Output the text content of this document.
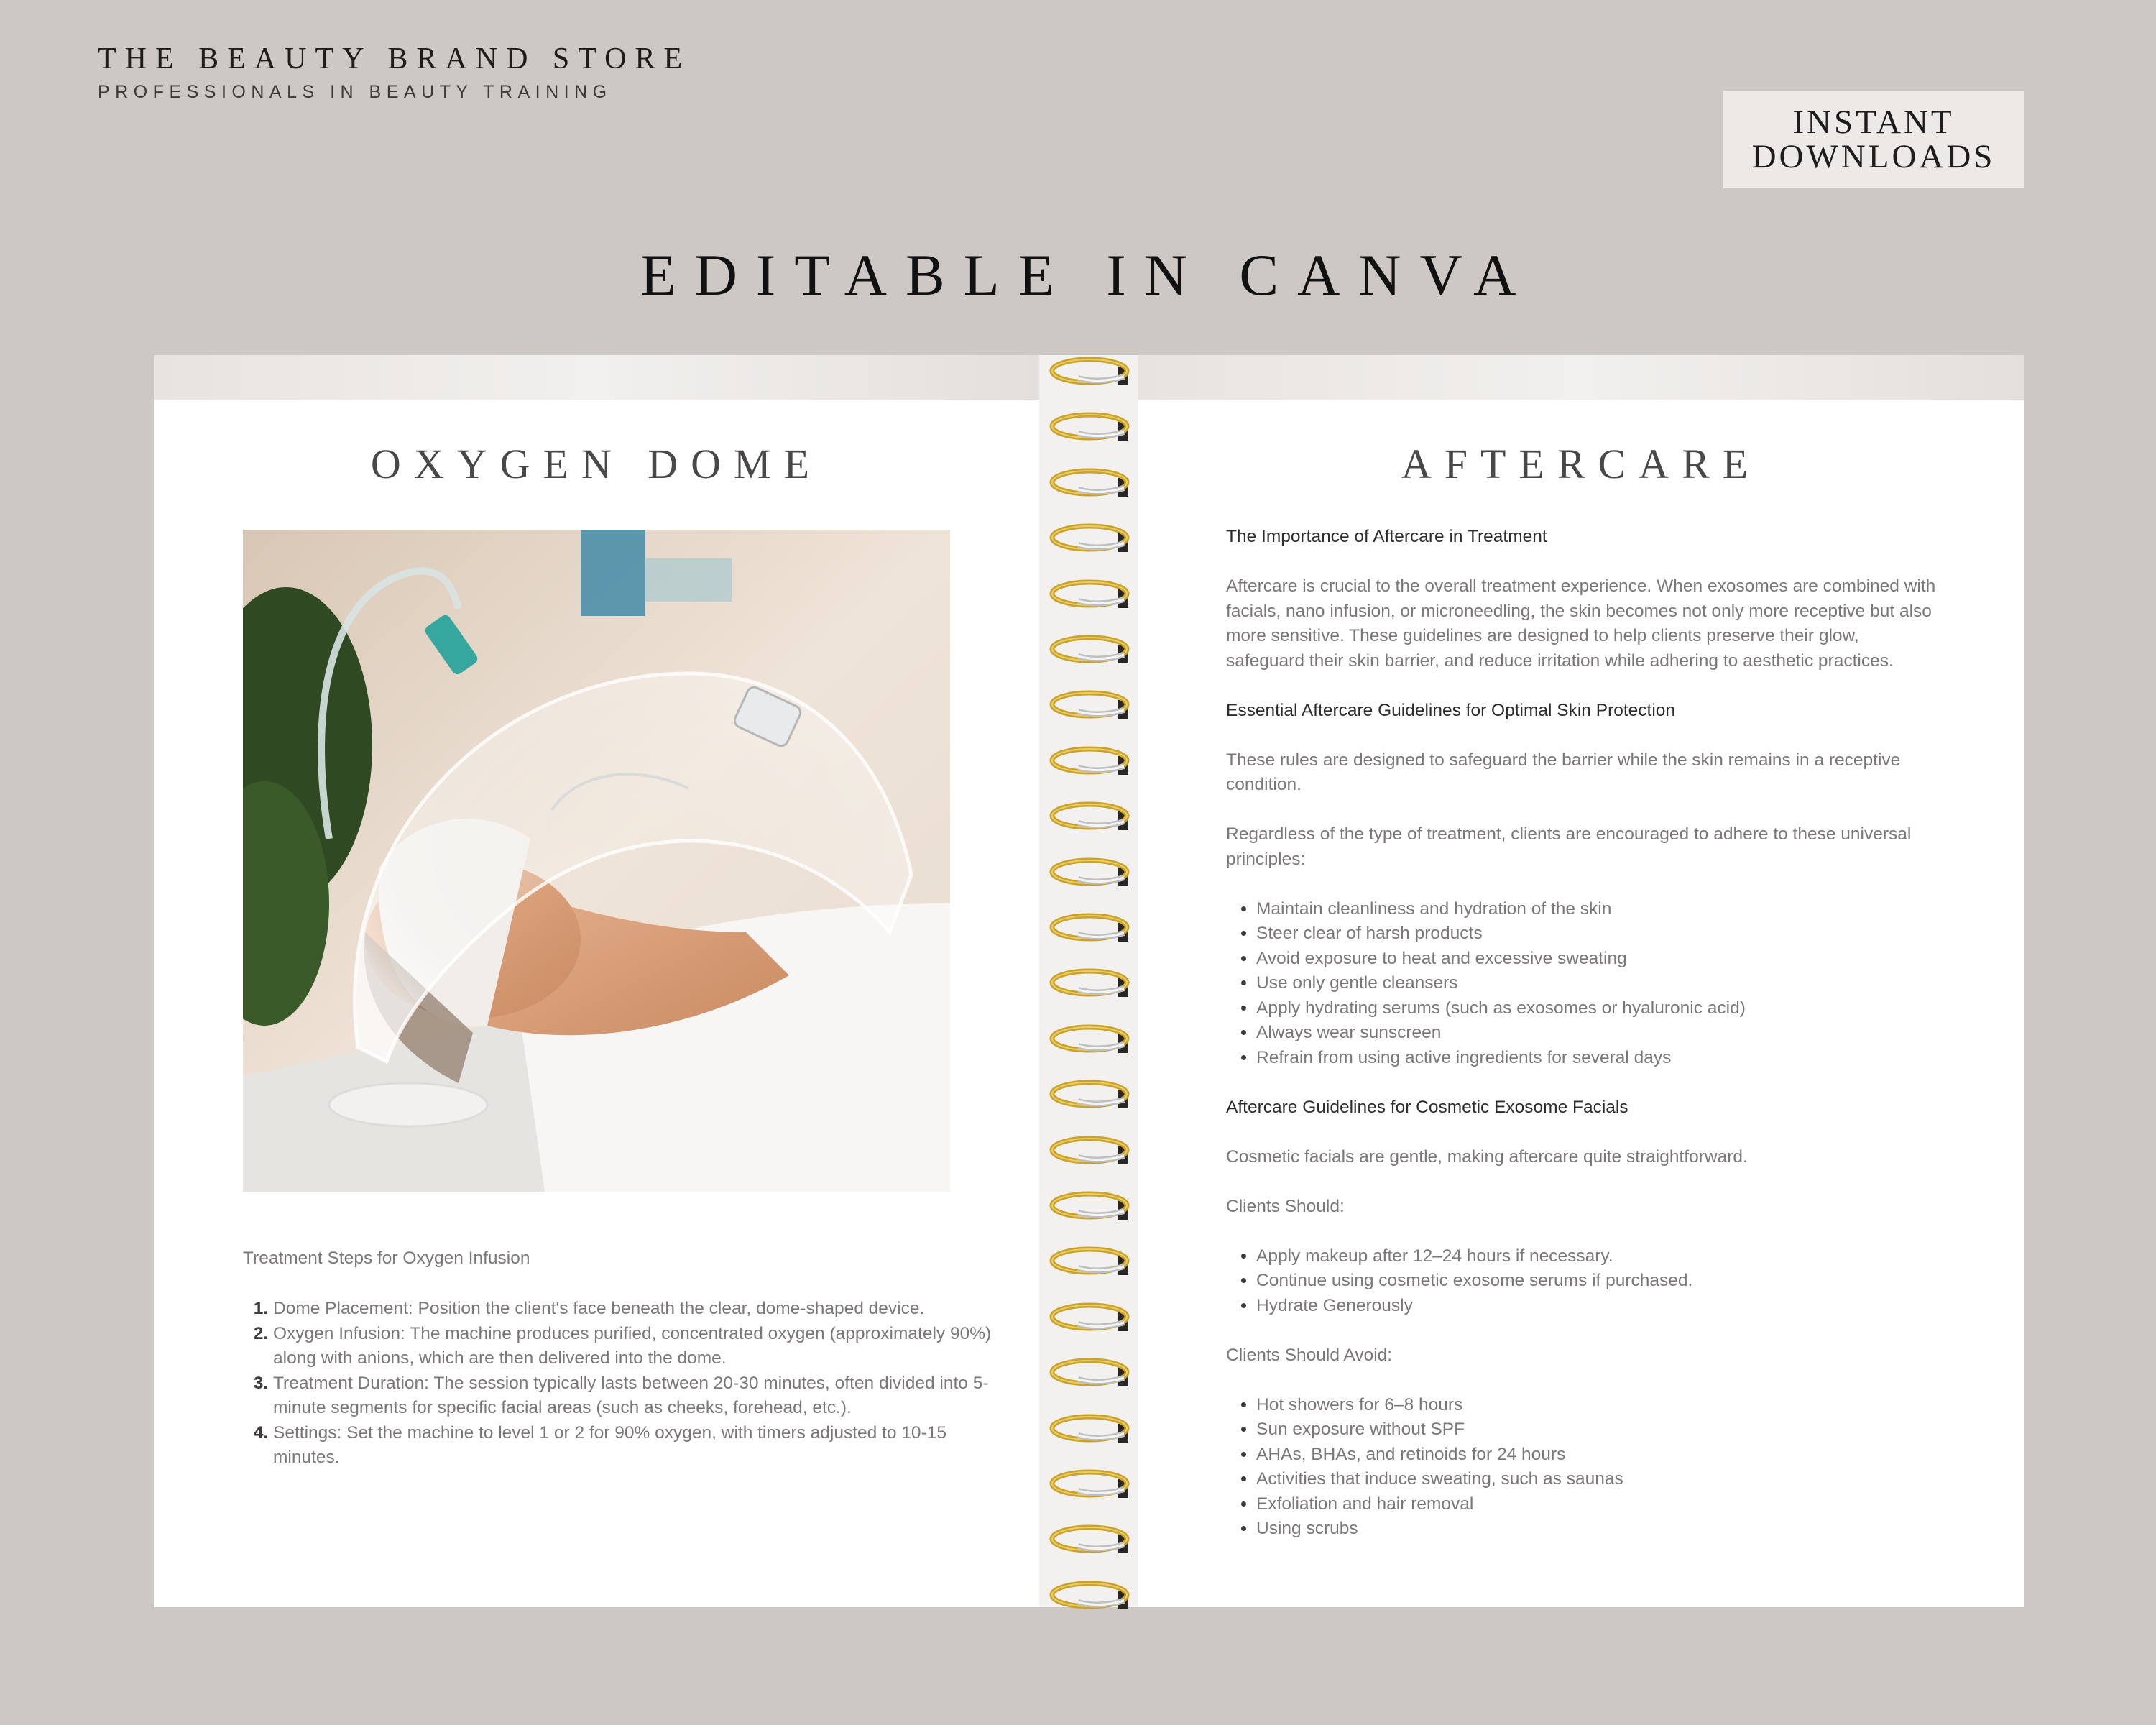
THE BEAUTY BRAND STORE
PROFESSIONALS IN BEAUTY TRAINING
INSTANT
DOWNLOADS
EDITABLE IN CANVA
OXYGEN DOME
Treatment Steps for Oxygen Infusion
1. Dome Placement: Position the client's face beneath the clear, dome-shaped device.
2. Oxygen Infusion: The machine produces purified, concentrated oxygen (approximately 90%) along with anions, which are then delivered into the dome.
3. Treatment Duration: The session typically lasts between 20-30 minutes, often divided into 5-minute segments for specific facial areas (such as cheeks, forehead, etc.).
4. Settings: Set the machine to level 1 or 2 for 90% oxygen, with timers adjusted to 10-15 minutes.
AFTERCARE
The Importance of Aftercare in Treatment
Aftercare is crucial to the overall treatment experience. When exosomes are combined with facials, nano infusion, or microneedling, the skin becomes not only more receptive but also more sensitive. These guidelines are designed to help clients preserve their glow, safeguard their skin barrier, and reduce irritation while adhering to aesthetic practices.
Essential Aftercare Guidelines for Optimal Skin Protection
These rules are designed to safeguard the barrier while the skin remains in a receptive condition.
Regardless of the type of treatment, clients are encouraged to adhere to these universal principles:
• Maintain cleanliness and hydration of the skin
• Steer clear of harsh products
• Avoid exposure to heat and excessive sweating
• Use only gentle cleansers
• Apply hydrating serums (such as exosomes or hyaluronic acid)
• Always wear sunscreen
• Refrain from using active ingredients for several days
Aftercare Guidelines for Cosmetic Exosome Facials
Cosmetic facials are gentle, making aftercare quite straightforward.
Clients Should:
• Apply makeup after 12–24 hours if necessary.
• Continue using cosmetic exosome serums if purchased.
• Hydrate Generously
Clients Should Avoid:
• Hot showers for 6–8 hours
• Sun exposure without SPF
• AHAs, BHAs, and retinoids for 24 hours
• Activities that induce sweating, such as saunas
• Exfoliation and hair removal
• Using scrubs
